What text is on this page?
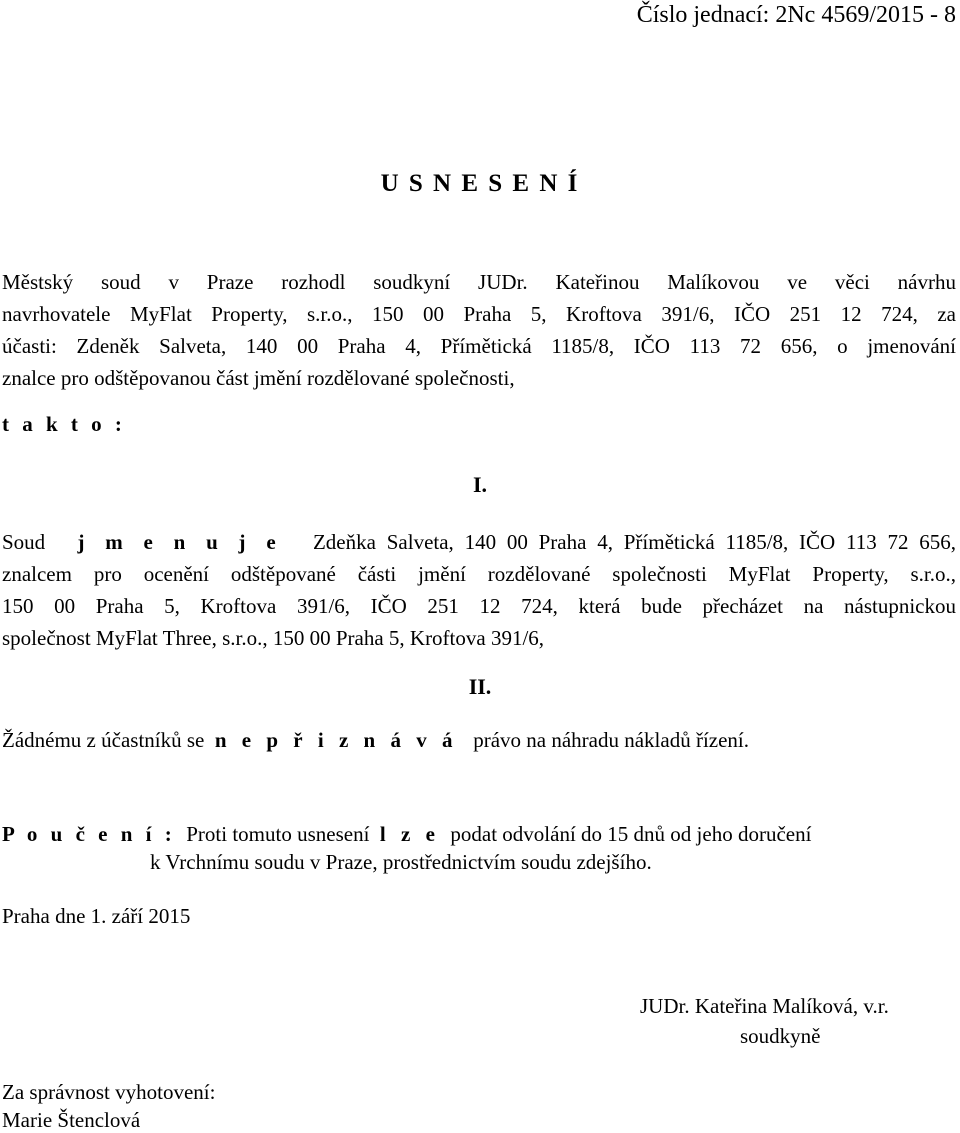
Číslo jednací: 2Nc 4569/2015 - 8
U S N E S E N Í
Městský soud v Praze rozhodl soudkyní JUDr. Kateřinou Malíkovou ve věci návrhu
navrhovatele MyFlat Property, s.r.o., 150 00 Praha 5, Kroftova 391/6, IČO 251 12 724, za
účasti: Zdeněk Salveta, 140 00 Praha 4, Přímětická 1185/8, IČO 113 72 656, o jmenování
znalce pro odštěpovanou část jmění rozdělované společnosti,
t a k t o :
I.
Soud j m e n u j e Zdeňka Salveta, 140 00 Praha 4, Přímětická 1185/8, IČO 113 72 656,
znalcem pro ocenění odštěpované části jmění rozdělované společnosti MyFlat Property, s.r.o.,
150 00 Praha 5, Kroftova 391/6, IČO 251 12 724, která bude přecházet na nástupnickou
společnost MyFlat Three, s.r.o., 150 00 Praha 5, Kroftova 391/6,
II.
Žádnému z účastníků se n e p ř i z n á v á právo na náhradu nákladů řízení.
P o u č e n í : Proti tomuto usnesení l z e podat odvolání do 15 dnů od jeho doručení
k Vrchnímu soudu v Praze, prostřednictvím soudu zdejšího.
Praha dne 1. září 2015
JUDr. Kateřina Malíková, v.r.
soudkyně
Za správnost vyhotovení:
Marie Štenclová
